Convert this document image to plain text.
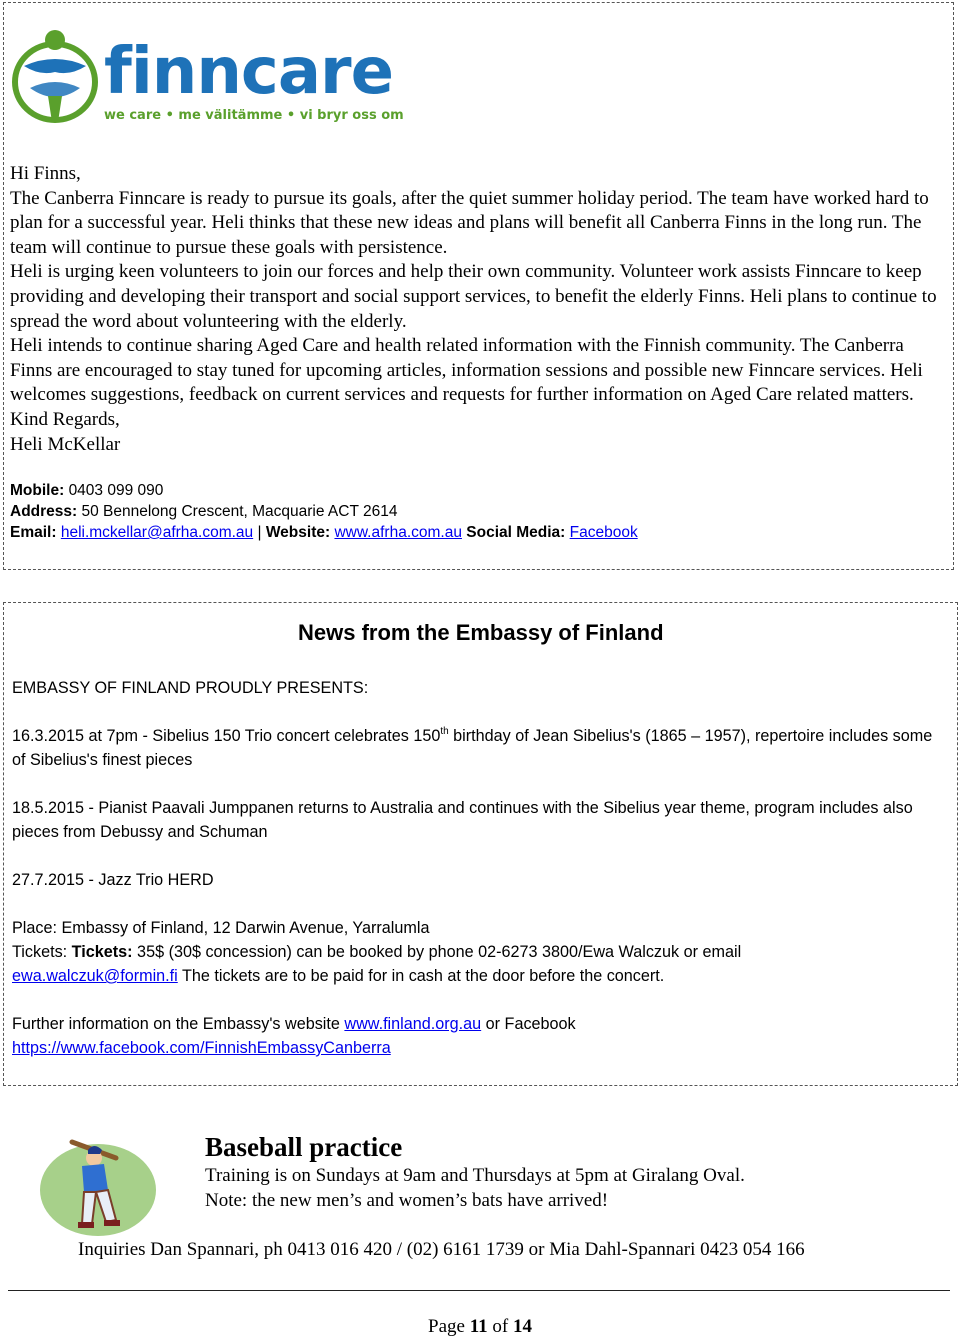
finncare
we care • me välitämme • vi bryr oss om

Hi Finns,

The Canberra Finncare is ready to pursue its goals, after the quiet summer holiday period. The team have worked hard to plan for a successful year. Heli thinks that these new ideas and plans will benefit all Canberra Finns in the long run. The team will continue to pursue these goals with persistence.

Heli is urging keen volunteers to join our forces and help their own community. Volunteer work assists Finncare to keep providing and developing their transport and social support services, to benefit the elderly Finns. Heli plans to continue to spread the word about volunteering with the elderly.

Heli intends to continue sharing Aged Care and health related information with the Finnish community. The Canberra Finns are encouraged to stay tuned for upcoming articles, information sessions and possible new Finncare services. Heli welcomes suggestions, feedback on current services and requests for further information on Aged Care related matters.

Kind Regards,

Heli McKellar

Mobile: 0403 099 090

Address: 50 Bennelong Crescent, Macquarie ACT 2614

Email: heli.mckellar@afrha.com.au | Website: www.afrha.com.au Social Media: Facebook

News from the Embassy of Finland

EMBASSY OF FINLAND PROUDLY PRESENTS:

16.3.2015 at 7pm - Sibelius 150 Trio concert celebrates 150th birthday of Jean Sibelius's (1865 – 1957), repertoire includes some of Sibelius's finest pieces

18.5.2015 - Pianist Paavali Jumppanen returns to Australia and continues with the Sibelius year theme, program includes also pieces from Debussy and Schuman

27.7.2015 - Jazz Trio HERD

Place: Embassy of Finland, 12 Darwin Avenue, Yarralumla

Tickets: Tickets: 35$ (30$ concession) can be booked by phone 02-6273 3800/Ewa Walczuk or email
ewa.walczuk@formin.fi The tickets are to be paid for in cash at the door before the concert.

Further information on the Embassy's website www.finland.org.au or Facebook
https://www.facebook.com/FinnishEmbassyCanberra

Baseball practice

Training is on Sundays at 9am and Thursdays at 5pm at Giralang Oval.

Note: the new men’s and women’s bats have arrived!

Inquiries Dan Spannari, ph 0413 016 420 / (02) 6161 1739 or Mia Dahl-Spannari 0423 054 166

Page 11 of 14
